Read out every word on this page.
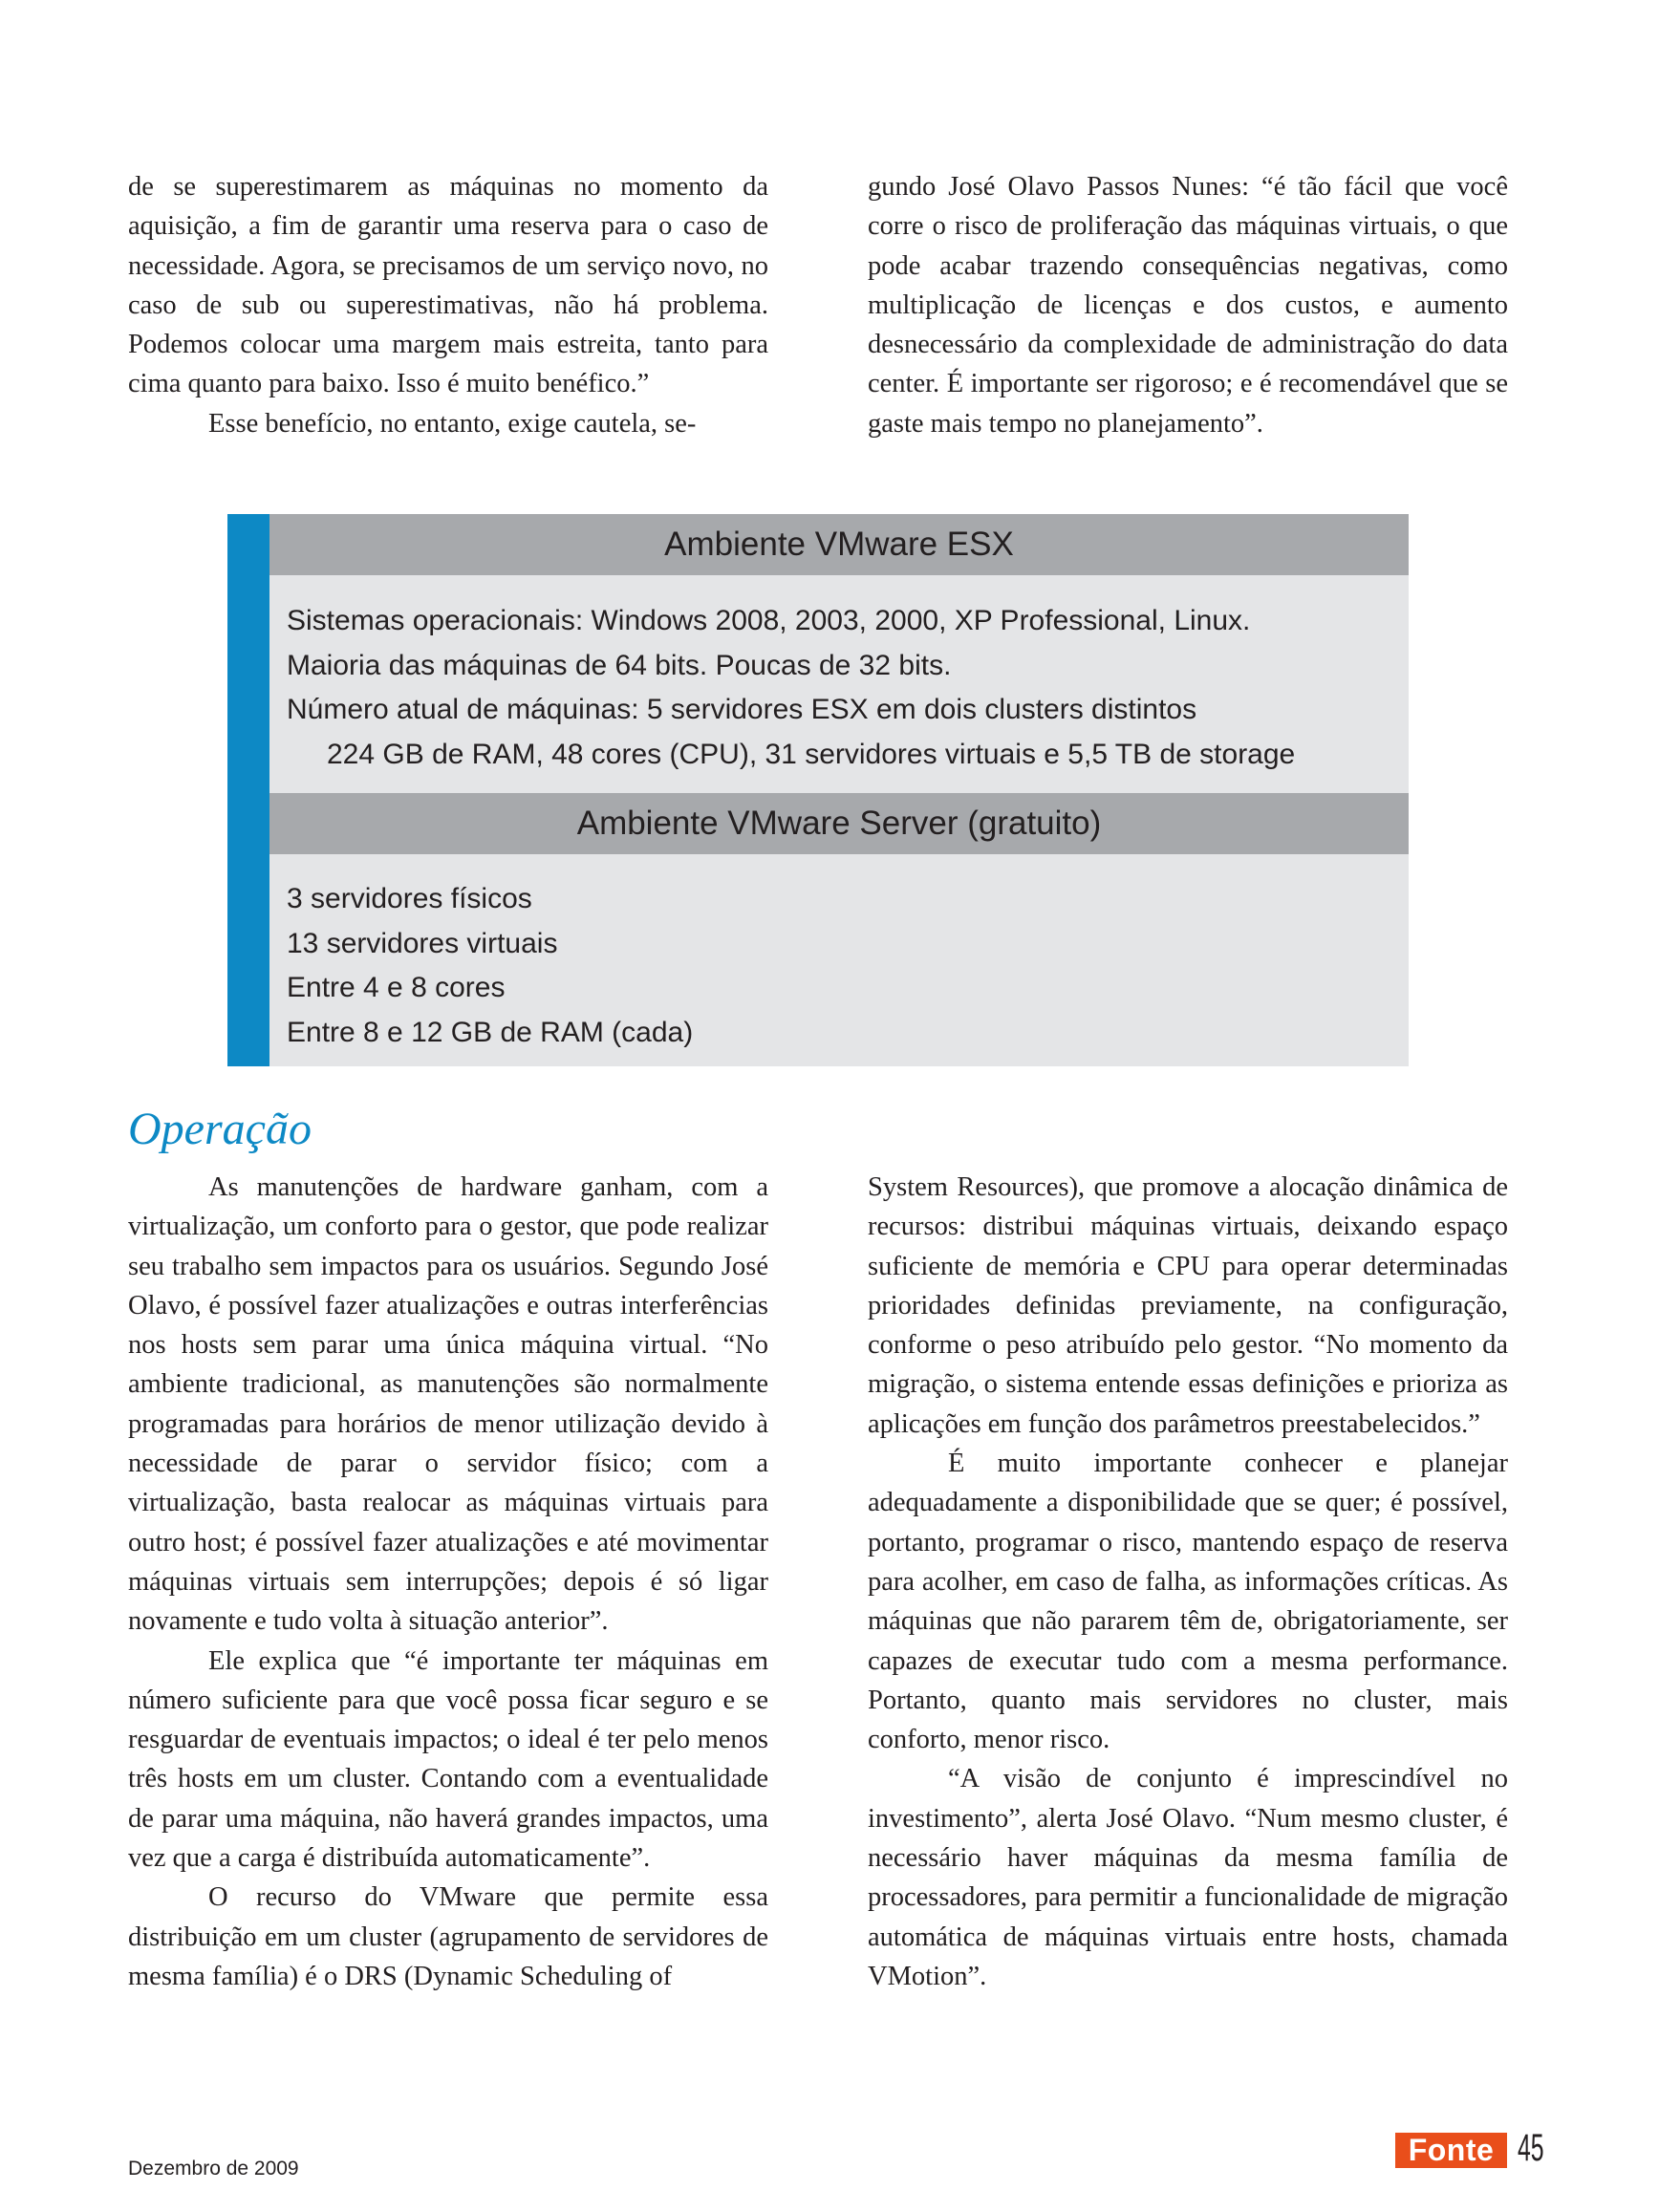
de se superestimarem as máquinas no momento da aquisição, a fim de garantir uma reserva para o caso de necessidade. Agora, se precisamos de um serviço novo, no caso de sub ou superestimativas, não há problema. Podemos colocar uma margem mais estreita, tanto para cima quanto para baixo. Isso é muito benéfico.”

Esse benefício, no entanto, exige cautela, se-

gundo José Olavo Passos Nunes: “é tão fácil que você corre o risco de proliferação das máquinas virtuais, o que pode acabar trazendo consequências negativas, como multiplicação de licenças e dos custos, e aumento desnecessário da complexidade de administração do data center. É importante ser rigoroso; e é recomendável que se gaste mais tempo no planejamento”.

Ambiente VMware ESX
Sistemas operacionais: Windows 2008, 2003, 2000, XP Professional, Linux.
Maioria das máquinas de 64 bits. Poucas de 32 bits.
Número atual de máquinas: 5 servidores ESX em dois clusters distintos
224 GB de RAM, 48 cores (CPU), 31 servidores virtuais e 5,5 TB de storage
Ambiente VMware Server (gratuito)
3 servidores físicos
13 servidores virtuais
Entre 4 e 8 cores
Entre 8 e 12 GB de RAM (cada)
Operação

As manutenções de hardware ganham, com a virtualização, um conforto para o gestor, que pode realizar seu trabalho sem impactos para os usuários. Segundo José Olavo, é possível fazer atualizações e outras interferências nos hosts sem parar uma única máquina virtual. “No ambiente tradicional, as manutenções são normalmente programadas para horários de menor utilização devido à necessidade de parar o servidor físico; com a virtualização, basta realocar as máquinas virtuais para outro host; é possível fazer atualizações e até movimentar máquinas virtuais sem interrupções; depois é só ligar novamente e tudo volta à situação anterior”.

Ele explica que “é importante ter máquinas em número suficiente para que você possa ficar seguro e se resguardar de eventuais impactos; o ideal é ter pelo menos três hosts em um cluster. Contando com a eventualidade de parar uma máquina, não haverá grandes impactos, uma vez que a carga é distribuída automaticamente”.

O recurso do VMware que permite essa distribuição em um cluster (agrupamento de servidores de mesma família) é o DRS (Dynamic Scheduling of

System Resources), que promove a alocação dinâmica de recursos: distribui máquinas virtuais, deixando espaço suficiente de memória e CPU para operar determinadas prioridades definidas previamente, na configuração, conforme o peso atribuído pelo gestor. “No momento da migração, o sistema entende essas definições e prioriza as aplicações em função dos parâmetros preestabelecidos.”

É muito importante conhecer e planejar adequadamente a disponibilidade que se quer; é possível, portanto, programar o risco, mantendo espaço de reserva para acolher, em caso de falha, as informações críticas. As máquinas que não pararem têm de, obrigatoriamente, ser capazes de executar tudo com a mesma performance. Portanto, quanto mais servidores no cluster, mais conforto, menor risco.

“A visão de conjunto é imprescindível no investimento”, alerta José Olavo. “Num mesmo cluster, é necessário haver máquinas da mesma família de processadores, para permitir a funcionalidade de migração automática de máquinas virtuais entre hosts, chamada VMotion”.

Dezembro de 2009
Fonte 45
